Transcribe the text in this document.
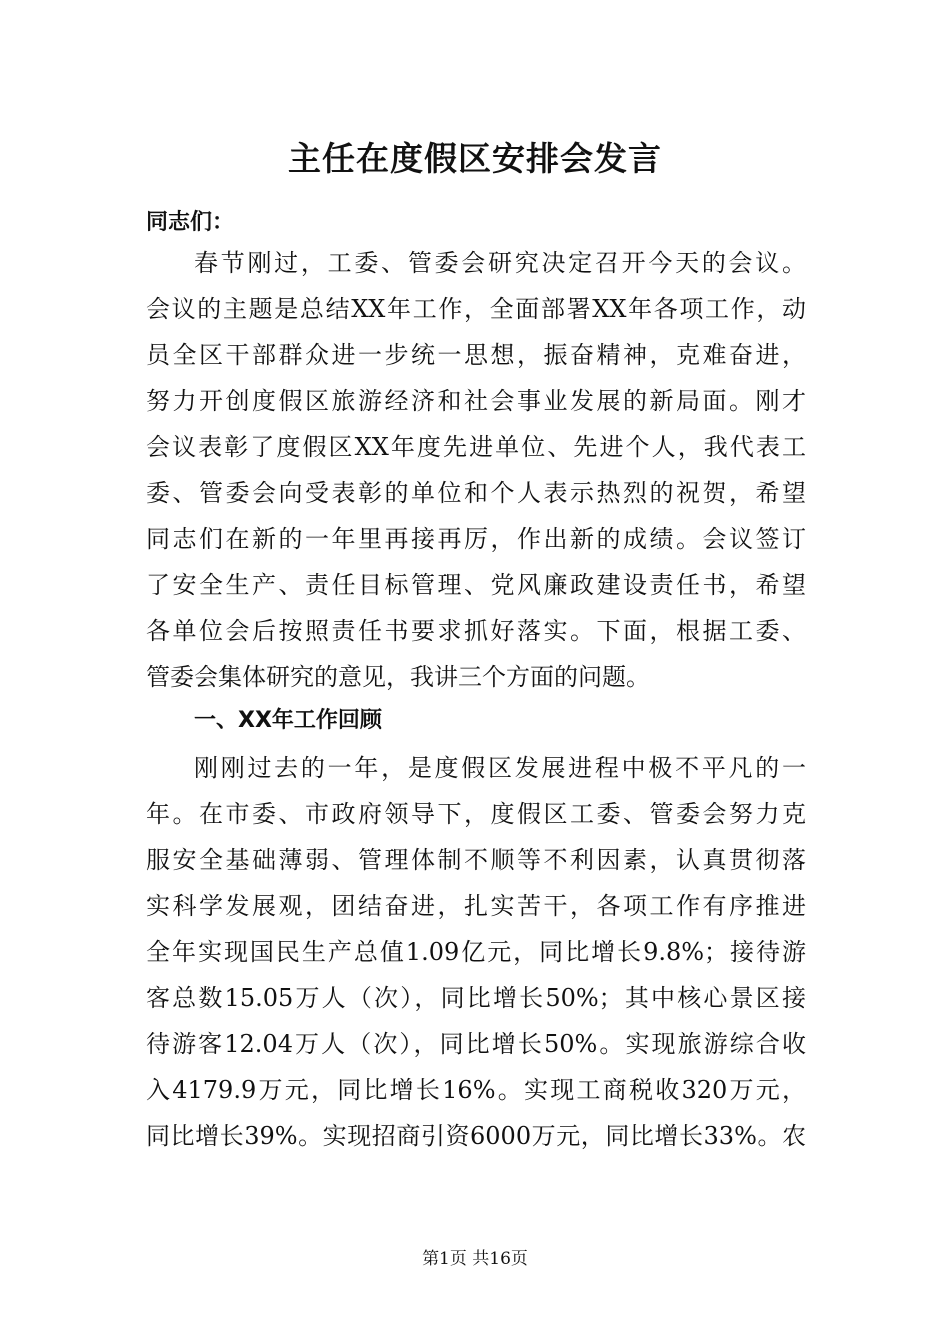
主任在度假区安排会发言
同志们：
春节刚过，工委、管委会研究决定召开今天的会议。
会议的主题是总结XX年工作，全面部署XX年各项工作，动
员全区干部群众进一步统一思想，振奋精神，克难奋进，
努力开创度假区旅游经济和社会事业发展的新局面。刚才
会议表彰了度假区XX年度先进单位、先进个人，我代表工
委、管委会向受表彰的单位和个人表示热烈的祝贺，希望
同志们在新的一年里再接再厉，作出新的成绩。会议签订
了安全生产、责任目标管理、党风廉政建设责任书，希望
各单位会后按照责任书要求抓好落实。下面，根据工委、
管委会集体研究的意见，我讲三个方面的问题。
一、XX年工作回顾
刚刚过去的一年，是度假区发展进程中极不平凡的一
年。在市委、市政府领导下，度假区工委、管委会努力克
服安全基础薄弱、管理体制不顺等不利因素，认真贯彻落
实科学发展观，团结奋进，扎实苦干，各项工作有序推进
全年实现国民生产总值1.09亿元，同比增长9.8%；接待游
客总数15.05万人（次），同比增长50%；其中核心景区接
待游客12.04万人（次），同比增长50%。实现旅游综合收
入4179.9万元，同比增长16%。实现工商税收320万元，
同比增长39%。实现招商引资6000万元，同比增长33%。农
第1页 共16页
